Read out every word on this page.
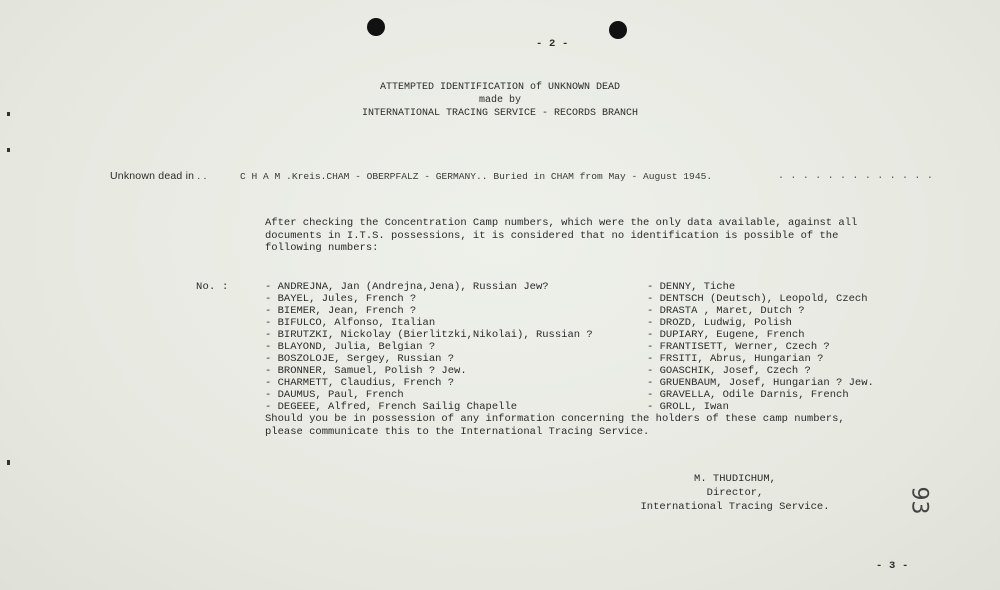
- 2 -
ATTEMPTED IDENTIFICATION of UNKNOWN DEAD
made by
INTERNATIONAL TRACING SERVICE - RECORDS BRANCH
Unknown dead in . .	C H A M .Kreis.CHAM - OBERPFALZ - GERMANY.. Buried in CHAM from May - August 1945.	. . . . . . . . . . . . .
After checking the Concentration Camp numbers, which were the only data available, against all
documents in I.T.S. possessions, it is considered that no identification is possible of the
following numbers:
No. :	- ANDREJNA, Jan (Andrejna,Jena), Russian Jew?
- BAYEL, Jules, French ?
- BIEMER, Jean, French ?
- BIFULCO, Alfonso, Italian
- BIRUTZKI, Nickolay (Bierlitzki,Nikolai), Russian ?
- BLAYOND, Julia, Belgian ?
- BOSZOLOJE, Sergey, Russian ?
- BRONNER, Samuel, Polish ? Jew.
- CHARMETT, Claudius, French ?
- DAUMUS, Paul, French
- DEGEEE, Alfred, French Sailig Chapelle
- DENNY, Tiche
- DENTSCH (Deutsch), Leopold, Czech
- DRASTA , Maret, Dutch ?
- DROZD, Ludwig, Polish
- DUPIARY, Eugene, French
- FRANTISETT, Werner, Czech ?
- FRSITI, Abrus, Hungarian ?
- GOASCHIK, Josef, Czech ?
- GRUENBAUM, Josef, Hungarian ? Jew.
- GRAVELLA, Odile Darnis, French
- GROLL, Iwan
Should you be in possession of any information concerning the holders of these camp numbers,
please communicate this to the International Tracing Service.
M. THUDICHUM,
Director,
International Tracing Service.	93
- 3 -
